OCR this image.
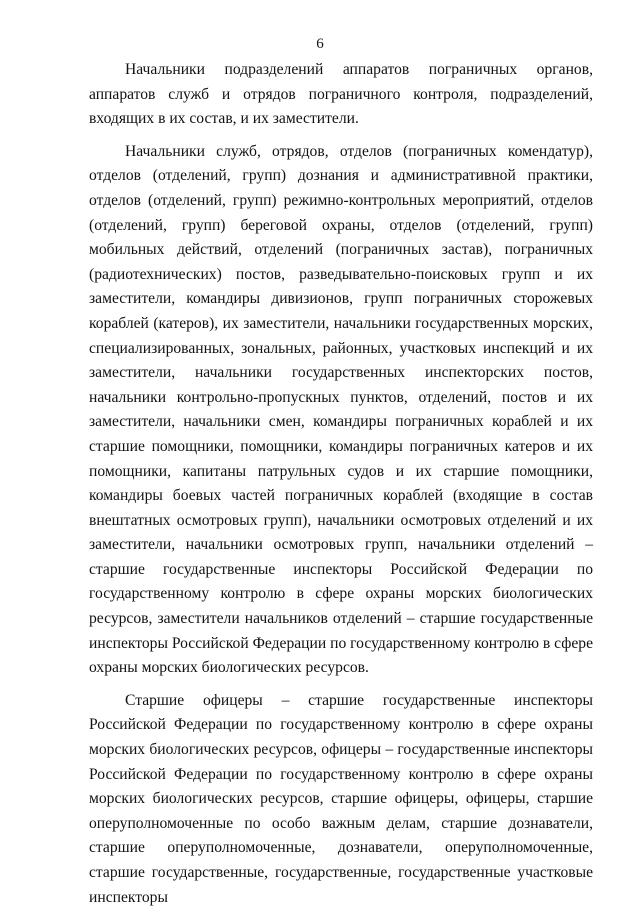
6

Начальники подразделений аппаратов пограничных органов, аппаратов служб и отрядов пограничного контроля, подразделений, входящих в их состав, и их заместители.

Начальники служб, отрядов, отделов (пограничных комендатур), отделов (отделений, групп) дознания и административной практики, отделов (отделений, групп) режимно-контрольных мероприятий, отделов (отделений, групп) береговой охраны, отделов (отделений, групп) мобильных действий, отделений (пограничных застав), пограничных (радиотехнических) постов, разведывательно-поисковых групп и их заместители, командиры дивизионов, групп пограничных сторожевых кораблей (катеров), их заместители, начальники государственных морских, специализированных, зональных, районных, участковых инспекций и их заместители, начальники государственных инспекторских постов, начальники контрольно-пропускных пунктов, отделений, постов и их заместители, начальники смен, командиры пограничных кораблей и их старшие помощники, помощники, командиры пограничных катеров и их помощники, капитаны патрульных судов и их старшие помощники, командиры боевых частей пограничных кораблей (входящие в состав внештатных осмотровых групп), начальники осмотровых отделений и их заместители, начальники осмотровых групп, начальники отделений – старшие государственные инспекторы Российской Федерации по государственному контролю в сфере охраны морских биологических ресурсов, заместители начальников отделений – старшие государственные инспекторы Российской Федерации по государственному контролю в сфере охраны морских биологических ресурсов.

Старшие офицеры – старшие государственные инспекторы Российской Федерации по государственному контролю в сфере охраны морских биологических ресурсов, офицеры – государственные инспекторы Российской Федерации по государственному контролю в сфере охраны морских биологических ресурсов, старшие офицеры, офицеры, старшие оперуполномоченные по особо важным делам, старшие дознаватели, старшие оперуполномоченные, дознаватели, оперуполномоченные, старшие государственные, государственные, государственные участковые инспекторы
